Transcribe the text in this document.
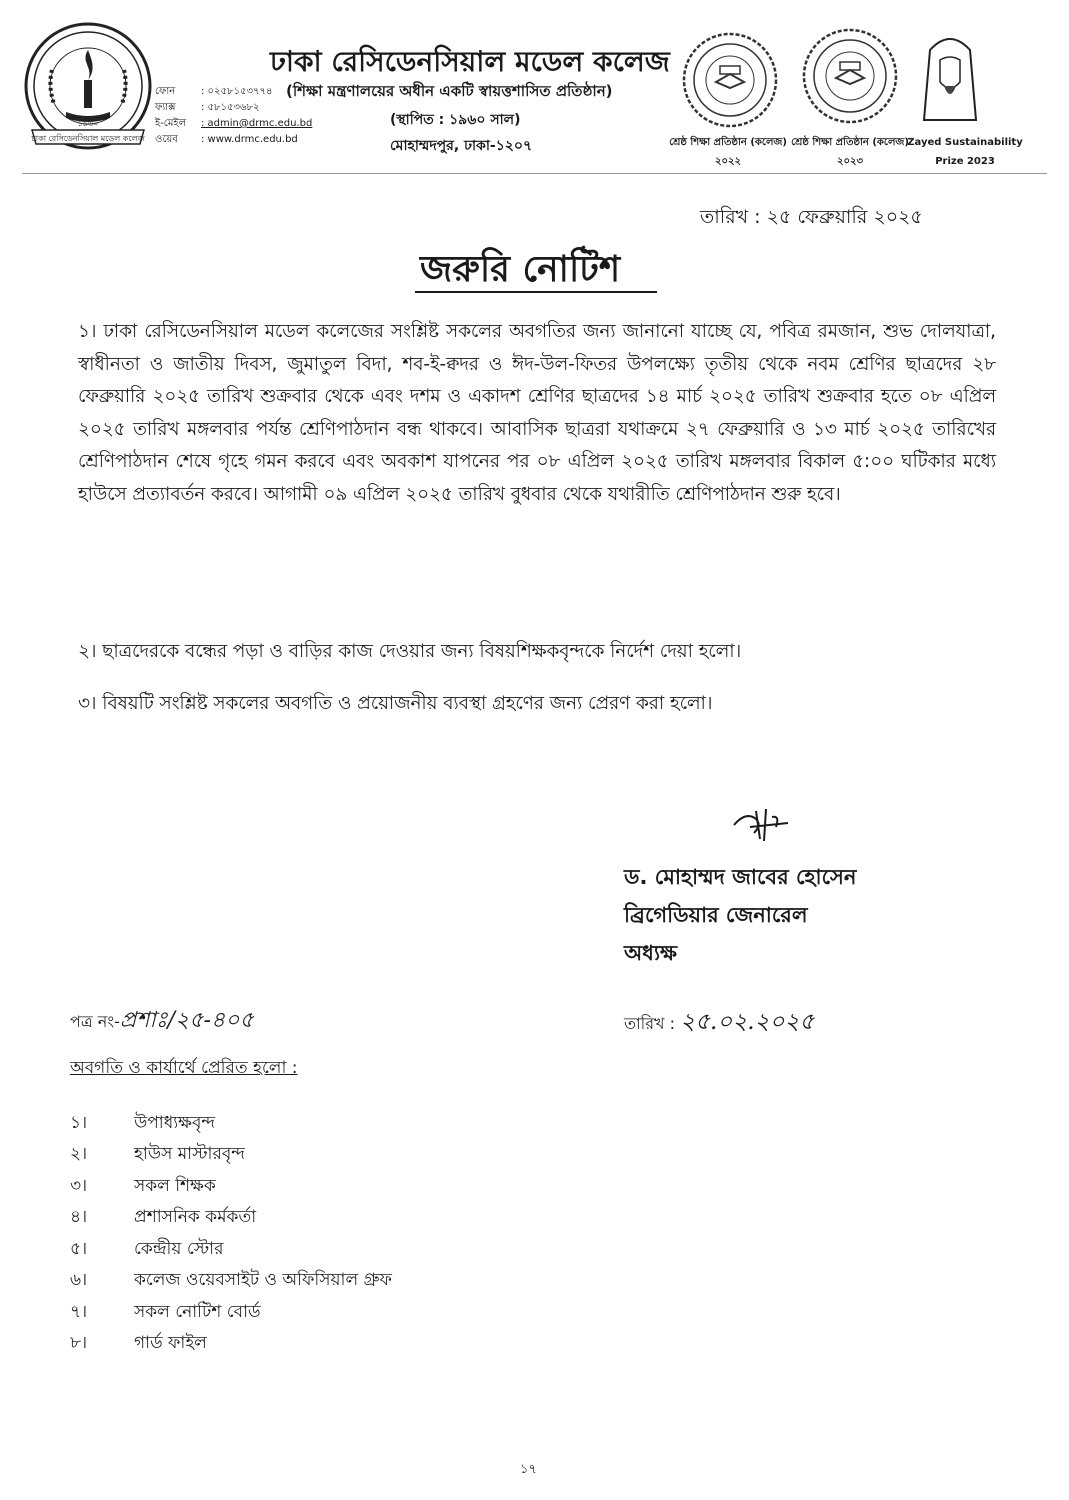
ঢাকা রেসিডেনসিয়াল মডেল কলেজ
১৯৬০
ঢাকা রেসিডেনসিয়াল মডেল কলেজ
ফোন	: ০২৫৮১৫৩৭৭৪
ফ্যাক্স	: ৫৮১৫৩৬৮২
ই-মেইল	: admin@drmc.edu.bd
ওয়েব	: www.drmc.edu.bd
(শিক্ষা মন্ত্রণালয়ের অধীন একটি স্বায়ত্তশাসিত প্রতিষ্ঠান)
(স্থাপিত : ১৯৬০ সাল)
মোহাম্মদপুর, ঢাকা-১২০৭	শ্রেষ্ঠ শিক্ষা প্রতিষ্ঠান (কলেজ)
২০২২
শ্রেষ্ঠ শিক্ষা প্রতিষ্ঠান (কলেজ)
২০২৩
Zayed Sustainability
Prize 2023
তারিখ : ২৫ ফেব্রুয়ারি ২০২৫
জরুরি নোটিশ
১। ঢাকা রেসিডেনসিয়াল মডেল কলেজের সংশ্লিষ্ট সকলের অবগতির জন্য জানানো যাচ্ছে যে, পবিত্র রমজান, শুভ দোলযাত্রা, স্বাধীনতা ও জাতীয় দিবস, জুমাতুল বিদা, শব-ই-ক্বদর ও ঈদ-উল-ফিতর উপলক্ষ্যে তৃতীয় থেকে নবম শ্রেণির ছাত্রদের ২৮ ফেব্রুয়ারি ২০২৫ তারিখ শুক্রবার থেকে এবং দশম ও একাদশ শ্রেণির ছাত্রদের ১৪ মার্চ ২০২৫ তারিখ শুক্রবার হতে ০৮ এপ্রিল ২০২৫ তারিখ মঙ্গলবার পর্যন্ত শ্রেণিপাঠদান বন্ধ থাকবে। আবাসিক ছাত্ররা যথাক্রমে ২৭ ফেব্রুয়ারি ও ১৩ মার্চ ২০২৫ তারিখের শ্রেণিপাঠদান শেষে গৃহে গমন করবে এবং অবকাশ যাপনের পর ০৮ এপ্রিল ২০২৫ তারিখ মঙ্গলবার বিকাল ৫:০০ ঘটিকার মধ্যে হাউসে প্রত্যাবর্তন করবে। আগামী ০৯ এপ্রিল ২০২৫ তারিখ বুধবার থেকে যথারীতি শ্রেণিপাঠদান শুরু হবে।
২। ছাত্রদেরকে বন্ধের পড়া ও বাড়ির কাজ দেওয়ার জন্য বিষয়শিক্ষকবৃন্দকে নির্দেশ দেয়া হলো।
৩। বিষয়টি সংশ্লিষ্ট সকলের অবগতি ও প্রয়োজনীয় ব্যবস্থা গ্রহণের জন্য প্রেরণ করা হলো।
ড. মোহাম্মদ জাবের হোসেন
ব্রিগেডিয়ার জেনারেল
অধ্যক্ষ
পত্র নং-প্রশাঃ/২৫-৪০৫	তারিখ : ২৫.০২.২০২৫
অবগতি ও কার্যার্থে প্রেরিত হলো :
১।	উপাধ্যক্ষবৃন্দ
২।	হাউস মাস্টারবৃন্দ
৩।	সকল শিক্ষক
৪।	প্রশাসনিক কর্মকর্তা
৫।	কেন্দ্রীয় স্টোর
৬।	কলেজ ওয়েবসাইট ও অফিসিয়াল গ্রুফ
৭।	সকল নোটিশ বোর্ড
৮।	গার্ড ফাইল
১৭
